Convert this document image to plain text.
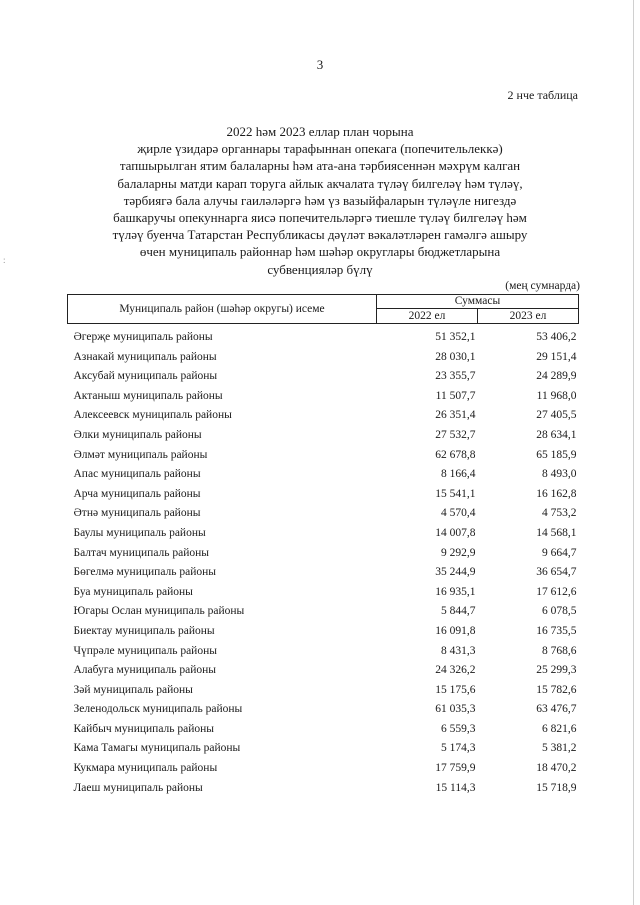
:
3
2 нче таблица
2022 һәм 2023 еллар план чорына
җирле үзидарә органнары тарафыннан опекага (попечительлеккә)
тапшырылган ятим балаларны һәм ата-ана тәрбиясеннән мәхрүм калган
балаларны матди карап торуга айлык акчалата түләү билгеләү һәм түләү,
тәрбиягә бала алучы гаиләләргә һәм үз вазыйфаларын түләүле нигездә
башкаручы опекуннарга яисә попечительләргә тиешле түләү билгеләү һәм
түләү буенча Татарстан Республикасы дәүләт вәкаләтләрен гамәлгә ашыру
өчен муниципаль районнар һәм шәһәр округлары бюджетларына
субвенцияләр бүлү
(мең сумнарда)
Муниципаль район (шәһәр округы) исеме	Суммасы	
	2022 ел	2023 ел
Әгерҗе муниципаль районы	51 352,1	53 406,2
Азнакай муниципаль районы	28 030,1	29 151,4
Аксубай муниципаль районы	23 355,7	24 289,9
Актаныш муниципаль районы	11 507,7	11 968,0
Алексеевск муниципаль районы	26 351,4	27 405,5
Әлки муниципаль районы	27 532,7	28 634,1
Әлмәт муниципаль районы	62 678,8	65 185,9
Апас муниципаль районы	8 166,4	8 493,0
Арча муниципаль районы	15 541,1	16 162,8
Әтнә муниципаль районы	4 570,4	4 753,2
Баулы муниципаль районы	14 007,8	14 568,1
Балтач муниципаль районы	9 292,9	9 664,7
Бөгелмә муниципаль районы	35 244,9	36 654,7
Буа муниципаль районы	16 935,1	17 612,6
Югары Ослан муниципаль районы	5 844,7	6 078,5
Биектау муниципаль районы	16 091,8	16 735,5
Чүпрәле муниципаль районы	8 431,3	8 768,6
Алабуга муниципаль районы	24 326,2	25 299,3
Зәй муниципаль районы	15 175,6	15 782,6
Зеленодольск муниципаль районы	61 035,3	63 476,7
Кайбыч муниципаль районы	6 559,3	6 821,6
Кама Тамагы муниципаль районы	5 174,3	5 381,2
Кукмара муниципаль районы	17 759,9	18 470,2
Лаеш муниципаль районы	15 114,3	15 718,9
